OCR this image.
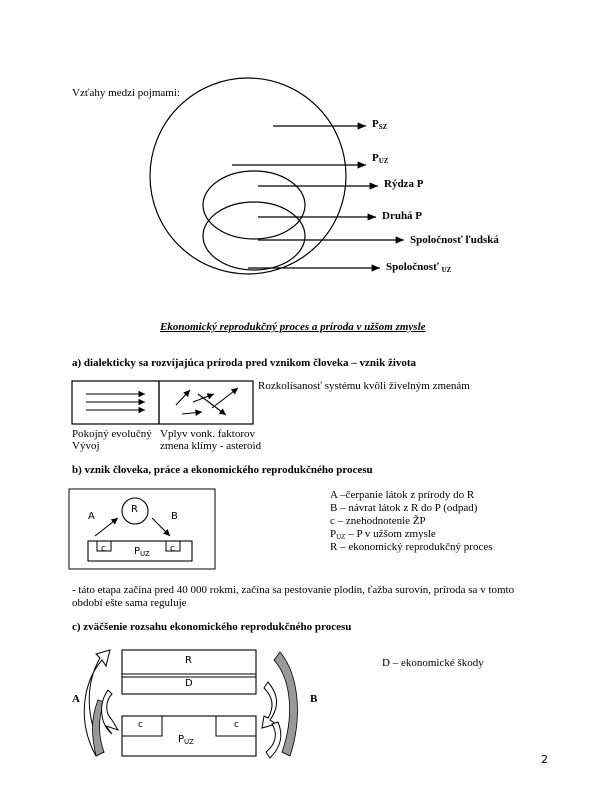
Vzťahy medzi pojmami:
$P_{SZ}$
$P_{UZ}$
Rýdza P
Druhá P
Spoločnosť ľudská
Spoločnosť $_{UZ}$
Ekonomický reprodukčný proces a príroda v užšom zmysle
a) dialekticky sa rozvíjajúca príroda pred vznikom človeka – vznik života
Rozkolísanosť systému kvôli živelným zmenám
Pokojný evolučný
Vývoj
Vplyv vonk. faktorov
zmena klímy - asteroid
b) vznik človeka, práce a ekonomického reprodukčného procesu
R
A	B
c	c
$P_{UZ}$
A –čerpanie látok z prírody do R
B – návrat látok z R do P (odpad)
c – znehodnotenie ŽP
$P_{UZ}$ – P v užšom zmysle
R – ekonomický reprodukčný proces
- táto etapa začína pred 40 000 rokmi, začína sa pestovanie plodín, ťažba surovín, príroda sa v tomto
období ešte sama reguluje
c) zväčšenie rozsahu ekonomického reprodukčného procesu
R
D
c	c
$P_{UZ}$
A	B
D – ekonomické škody
2
